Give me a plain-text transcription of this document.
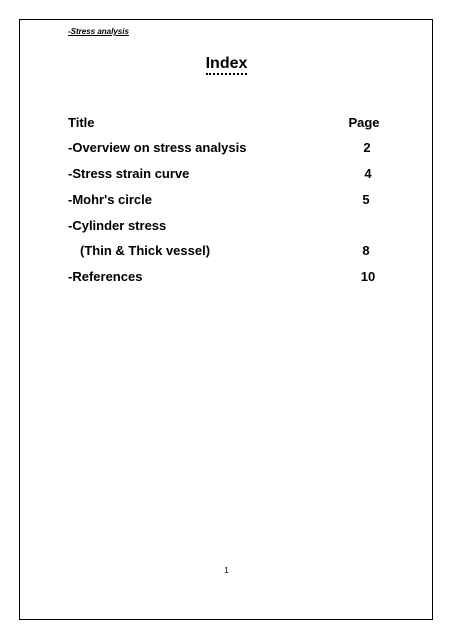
-Stress analysis
Index
Title	Page
-Overview on stress analysis	2
-Stress strain curve	4
-Mohr's circle	5
-Cylinder stress
(Thin & Thick vessel)	8
-References	10
1
